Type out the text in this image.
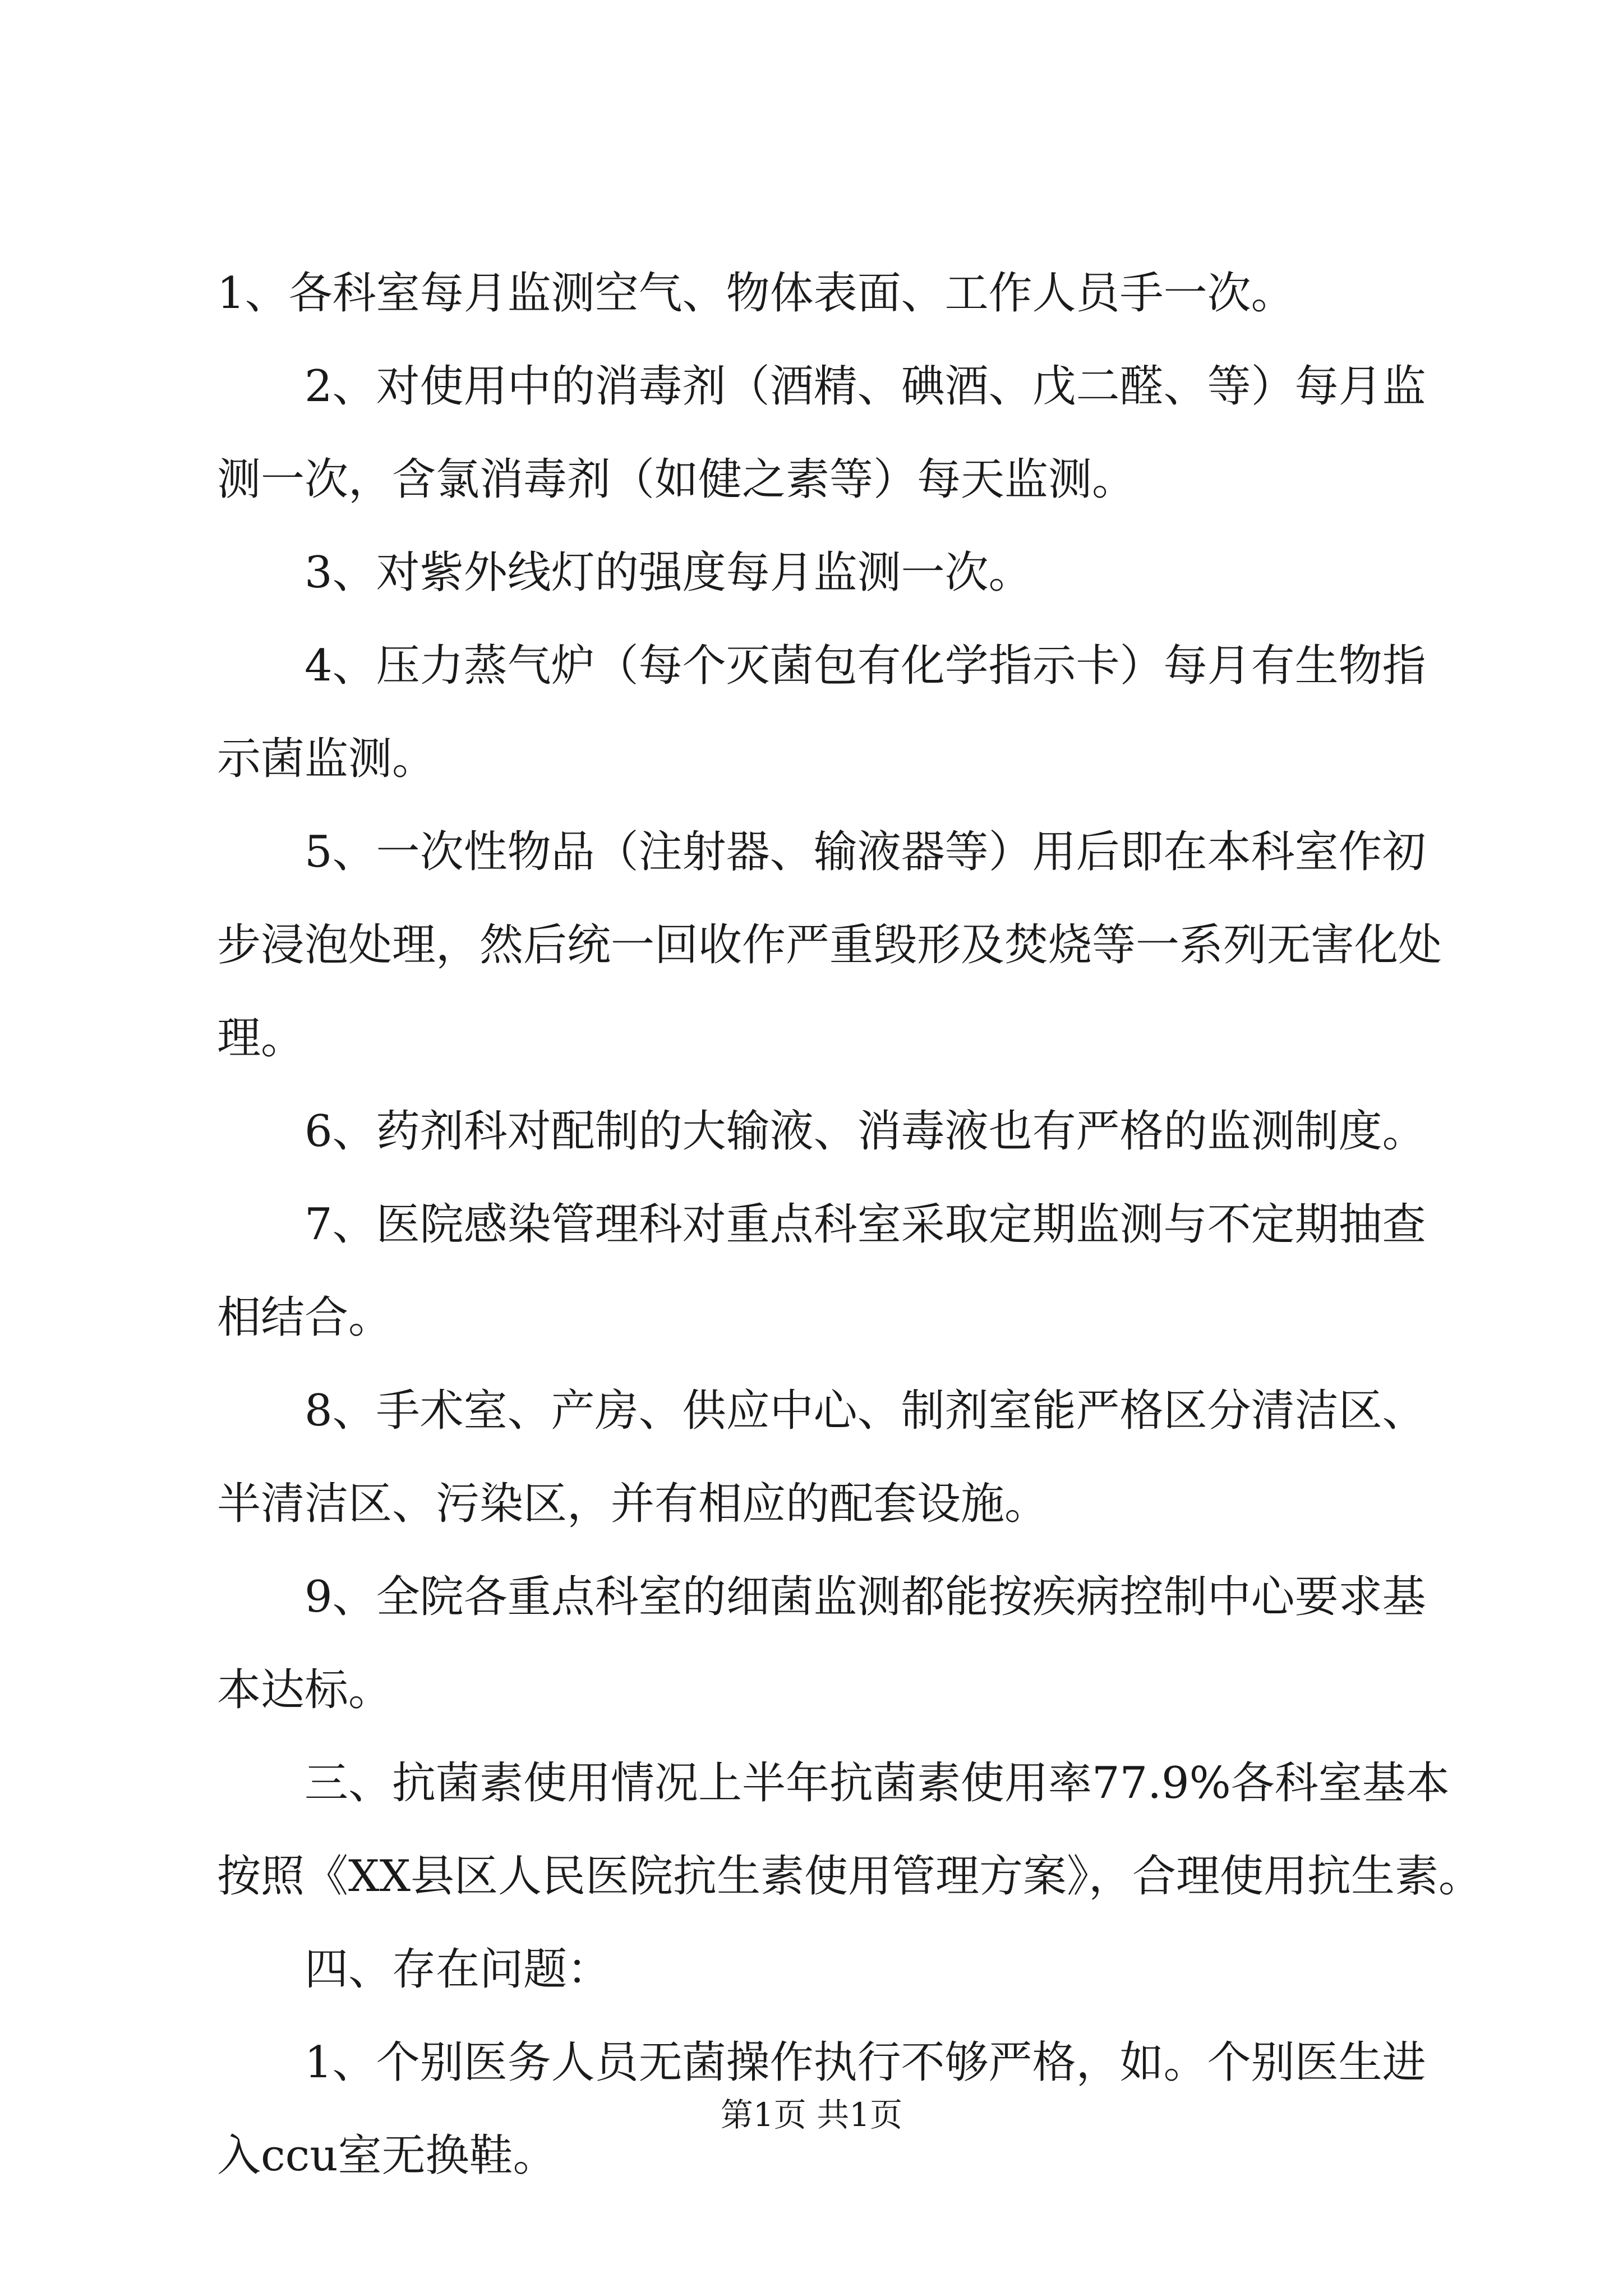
1、各科室每月监测空气、物体表面、工作人员手一次。
2、对使用中的消毒剂（酒精、碘酒、戊二醛、等）每月监
测一次，含氯消毒剂（如健之素等）每天监测。
3、对紫外线灯的强度每月监测一次。
4、压力蒸气炉（每个灭菌包有化学指示卡）每月有生物指
示菌监测。
5、一次性物品（注射器、输液器等）用后即在本科室作初
步浸泡处理，然后统一回收作严重毁形及焚烧等一系列无害化处
理。
6、药剂科对配制的大输液、消毒液也有严格的监测制度。
7、医院感染管理科对重点科室采取定期监测与不定期抽查
相结合。
8、手术室、产房、供应中心、制剂室能严格区分清洁区、
半清洁区、污染区，并有相应的配套设施。
9、全院各重点科室的细菌监测都能按疾病控制中心要求基
本达标。
三、抗菌素使用情况上半年抗菌素使用率77.9%各科室基本
按照《XX县区人民医院抗生素使用管理方案》，合理使用抗生素。
四、存在问题：
1、个别医务人员无菌操作执行不够严格，如。个别医生进
入ccu室无换鞋。
第1页 共1页
